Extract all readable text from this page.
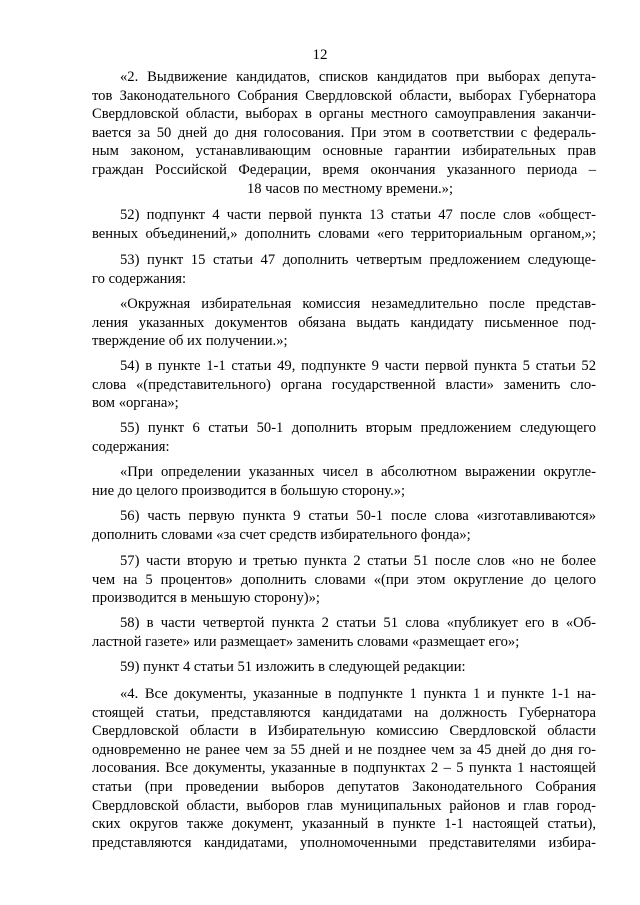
12
«2. Выдвижение кандидатов, списков кандидатов при выборах депута-
тов Законодательного Собрания Свердловской области, выборах Губернатора
Свердловской области, выборах в органы местного самоуправления заканчи-
вается за 50 дней до дня голосования. При этом в соответствии с федераль-
ным законом, устанавливающим основные гарантии избирательных прав
граждан Российской Федерации, время окончания указанного периода –
18 часов по местному времени.»;
52) подпункт 4 части первой пункта 13 статьи 47 после слов «общест-
венных объединений,» дополнить словами «его территориальным органом,»;
53) пункт 15 статьи 47 дополнить четвертым предложением следующе-
го содержания:
«Окружная избирательная комиссия незамедлительно после представ-
ления указанных документов обязана выдать кандидату письменное под-
тверждение об их получении.»;
54) в пункте 1-1 статьи 49, подпункте 9 части первой пункта 5 статьи 52
слова «(представительного) органа государственной власти» заменить сло-
вом «органа»;
55) пункт 6 статьи 50-1 дополнить вторым предложением следующего
содержания:
«При определении указанных чисел в абсолютном выражении округле-
ние до целого производится в большую сторону.»;
56) часть первую пункта 9 статьи 50-1 после слова «изготавливаются»
дополнить словами «за счет средств избирательного фонда»;
57) части вторую и третью пункта 2 статьи 51 после слов «но не более
чем на 5 процентов» дополнить словами «(при этом округление до целого
производится в меньшую сторону)»;
58) в части четвертой пункта 2 статьи 51 слова «публикует его в «Об-
ластной газете» или размещает» заменить словами «размещает его»;
59) пункт 4 статьи 51 изложить в следующей редакции:
«4. Все документы, указанные в подпункте 1 пункта 1 и пункте 1-1 на-
стоящей статьи, представляются кандидатами на должность Губернатора
Свердловской области в Избирательную комиссию Свердловской области
одновременно не ранее чем за 55 дней и не позднее чем за 45 дней до дня го-
лосования. Все документы, указанные в подпунктах 2 – 5 пункта 1 настоящей
статьи (при проведении выборов депутатов Законодательного Собрания
Свердловской области, выборов глав муниципальных районов и глав город-
ских округов также документ, указанный в пункте 1-1 настоящей статьи),
представляются кандидатами, уполномоченными представителями избира-
